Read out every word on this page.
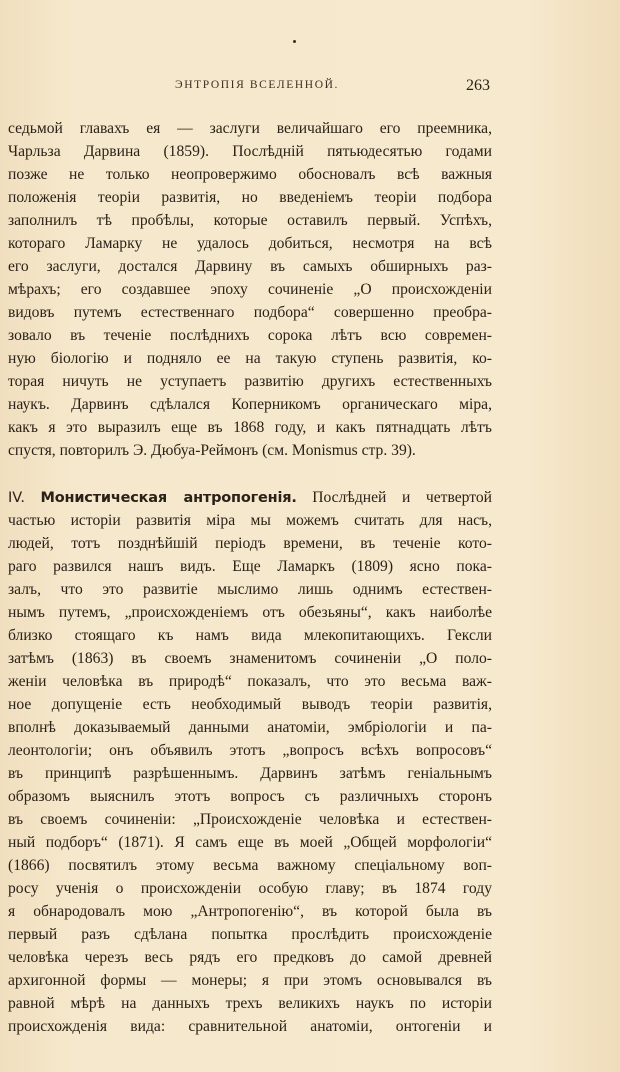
ЭНТРОПІЯ ВСЕЛЕННОЙ.	263
седьмой главахъ ея — заслуги величайшаго его преемника,
Чарльза Дарвина (1859). Послѣдній пятьюдесятью годами
позже не только неопровержимо обосновалъ всѣ важныя
положенія теоріи развитія, но введеніемъ теоріи подбора
заполнилъ тѣ пробѣлы, которые оставилъ первый. Успѣхъ,
котораго Ламарку не удалось добиться, несмотря на всѣ
его заслуги, достался Дарвину въ самыхъ обширныхъ раз-
мѣрахъ; его создавшее эпоху сочиненіе „О происхожденіи
видовъ путемъ естественнаго подбора“ совершенно преобра-
зовало въ теченіе послѣднихъ сорока лѣтъ всю современ-
ную біологію и подняло ее на такую ступень развитія, ко-
торая ничуть не уступаетъ развитію другихъ естественныхъ
наукъ. Дарвинъ сдѣлался Коперникомъ органическаго міра,
какъ я это выразилъ еще въ 1868 году, и какъ пятнадцать лѣтъ
спустя, повторилъ Э. Дюбуа-Реймонъ (см. Monismus стр. 39).
IV. Монистическая антропогенія. Послѣдней и четвертой
частью исторіи развитія міра мы можемъ считать для насъ,
людей, тотъ позднѣйшій періодъ времени, въ теченіе кото-
раго развился нашъ видъ. Еще Ламаркъ (1809) ясно пока-
залъ, что это развитіе мыслимо лишь однимъ естествен-
нымъ путемъ, „происхожденіемъ отъ обезьяны“, какъ наиболѣе
близко стоящаго къ намъ вида млекопитающихъ. Гексли
затѣмъ (1863) въ своемъ знаменитомъ сочиненіи „О поло-
женіи человѣка въ природѣ“ показалъ, что это весьма важ-
ное допущеніе есть необходимый выводъ теоріи развитія,
вполнѣ доказываемый данными анатоміи, эмбріологіи и па-
леонтологіи; онъ объявилъ этотъ „вопросъ всѣхъ вопросовъ“
въ принципѣ разрѣшеннымъ. Дарвинъ затѣмъ геніальнымъ
образомъ выяснилъ этотъ вопросъ съ различныхъ сторонъ
въ своемъ сочиненіи: „Происхожденіе человѣка и естествен-
ный подборъ“ (1871). Я самъ еще въ моей „Общей морфологіи“
(1866) посвятилъ этому весьма важному спеціальному воп-
росу ученія о происхожденіи особую главу; въ 1874 году
я обнародовалъ мою „Антропогенію“, въ которой была въ
первый разъ сдѣлана попытка прослѣдить происхожденіе
человѣка черезъ весь рядъ его предковъ до самой древней
архигонной формы — монеры; я при этомъ основывался въ
равной мѣрѣ на данныхъ трехъ великихъ наукъ по исторіи
происхожденія вида: сравнительной анатоміи, онтогеніи и
